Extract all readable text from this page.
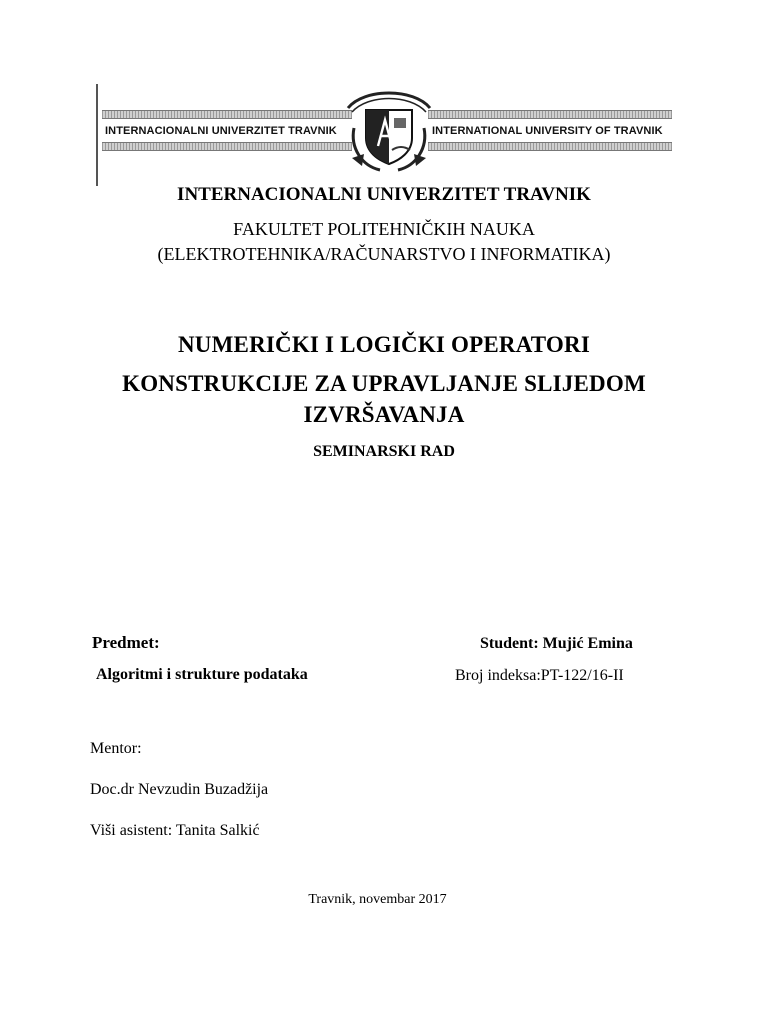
INTERNACIONALNI UNIVERZITET TRAVNIK	INTERNATIONAL UNIVERSITY OF TRAVNIK
INTERNACIONALNI UNIVERZITET TRAVNIK
FAKULTET POLITEHNIČKIH NAUKA
(ELEKTROTEHNIKA/RAČUNARSTVO I INFORMATIKA)
NUMERIČKI I LOGIČKI OPERATORI
KONSTRUKCIJE ZA UPRAVLJANJE SLIJEDOM
IZVRŠAVANJA
SEMINARSKI RAD
Predmet:
Algoritmi i strukture podataka
Student: Mujić Emina
Broj indeksa:PT-122/16-II
Mentor:
Doc.dr Nevzudin Buzadžija
Viši asistent: Tanita Salkić
Travnik, novembar 2017
